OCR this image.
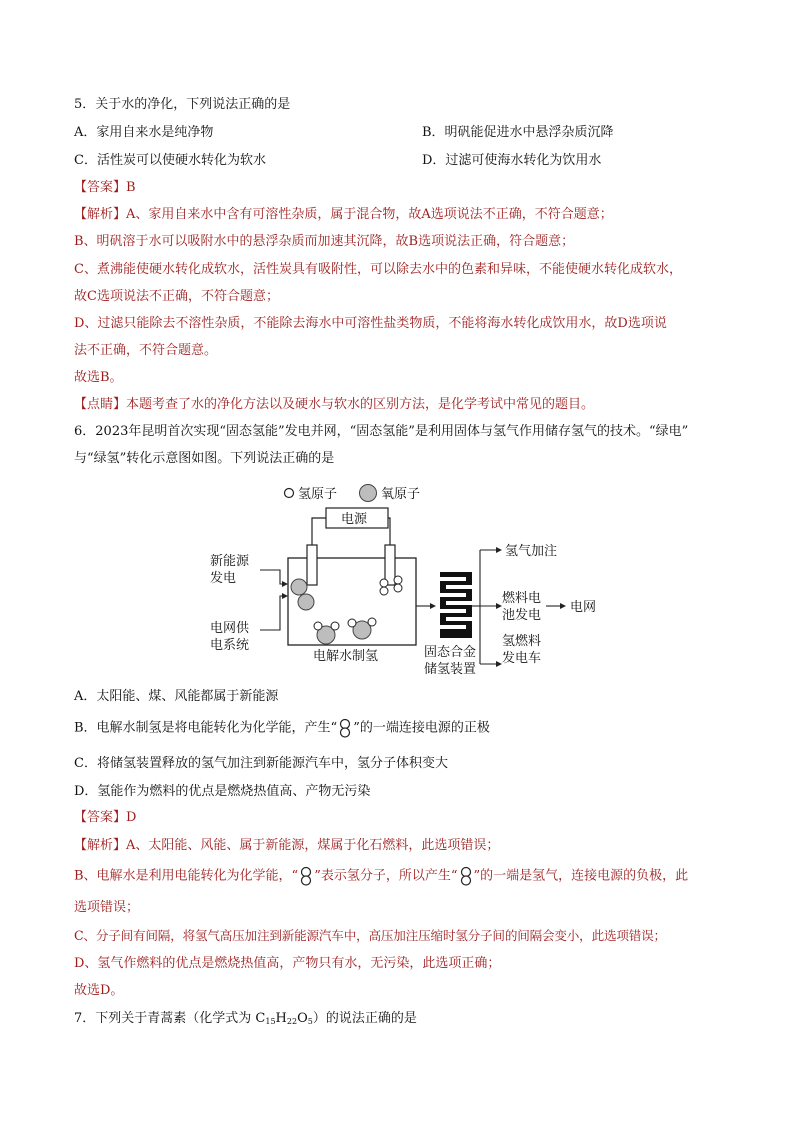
5．关于水的净化，下列说法正确的是
A．家用自来水是纯净物	B．明矾能促进水中悬浮杂质沉降
C．活性炭可以使硬水转化为软水	D．过滤可使海水转化为饮用水
【答案】B
【解析】A、家用自来水中含有可溶性杂质，属于混合物，故A选项说法不正确，不符合题意；
B、明矾溶于水可以吸附水中的悬浮杂质而加速其沉降，故B选项说法正确，符合题意；
C、煮沸能使硬水转化成软水，活性炭具有吸附性，可以除去水中的色素和异味，不能使硬水转化成软水，
故C选项说法不正确，不符合题意；
D、过滤只能除去不溶性杂质，不能除去海水中可溶性盐类物质，不能将海水转化成饮用水，故D选项说
法不正确，不符合题意。
故选B。
【点睛】本题考查了水的净化方法以及硬水与软水的区别方法，是化学考试中常见的题目。
6．2023年昆明首次实现“固态氢能”发电并网，“固态氢能”是利用固体与氢气作用储存氢气的技术。“绿电”
与“绿氢”转化示意图如图。下列说法正确的是
氢原子	氧原子
电源
电解水制氢
新能源
发电
电网供
电系统	固态合金
储氢装置
氢气加注
燃料电
池发电
电网
氢燃料
发电车
A．太阳能、煤、风能都属于新能源
B．电解水制氢是将电能转化为化学能，产生“ ”的一端连接电源的正极
C．将储氢装置释放的氢气加注到新能源汽车中，氢分子体积变大
D．氢能作为燃料的优点是燃烧热值高、产物无污染
【答案】D
【解析】A、太阳能、风能、属于新能源，煤属于化石燃料，此选项错误；
B、电解水是利用电能转化为化学能，“ ”表示氢分子，所以产生“ ”的一端是氢气，连接电源的负极，此
选项错误；
C、分子间有间隔，将氢气高压加注到新能源汽车中，高压加注压缩时氢分子间的间隔会变小，此选项错误；
D、氢气作燃料的优点是燃烧热值高，产物只有水，无污染，此选项正确；
故选D。
7．下列关于青蒿素（化学式为 $C_{15}H_{22}O_5$）的说法正确的是
